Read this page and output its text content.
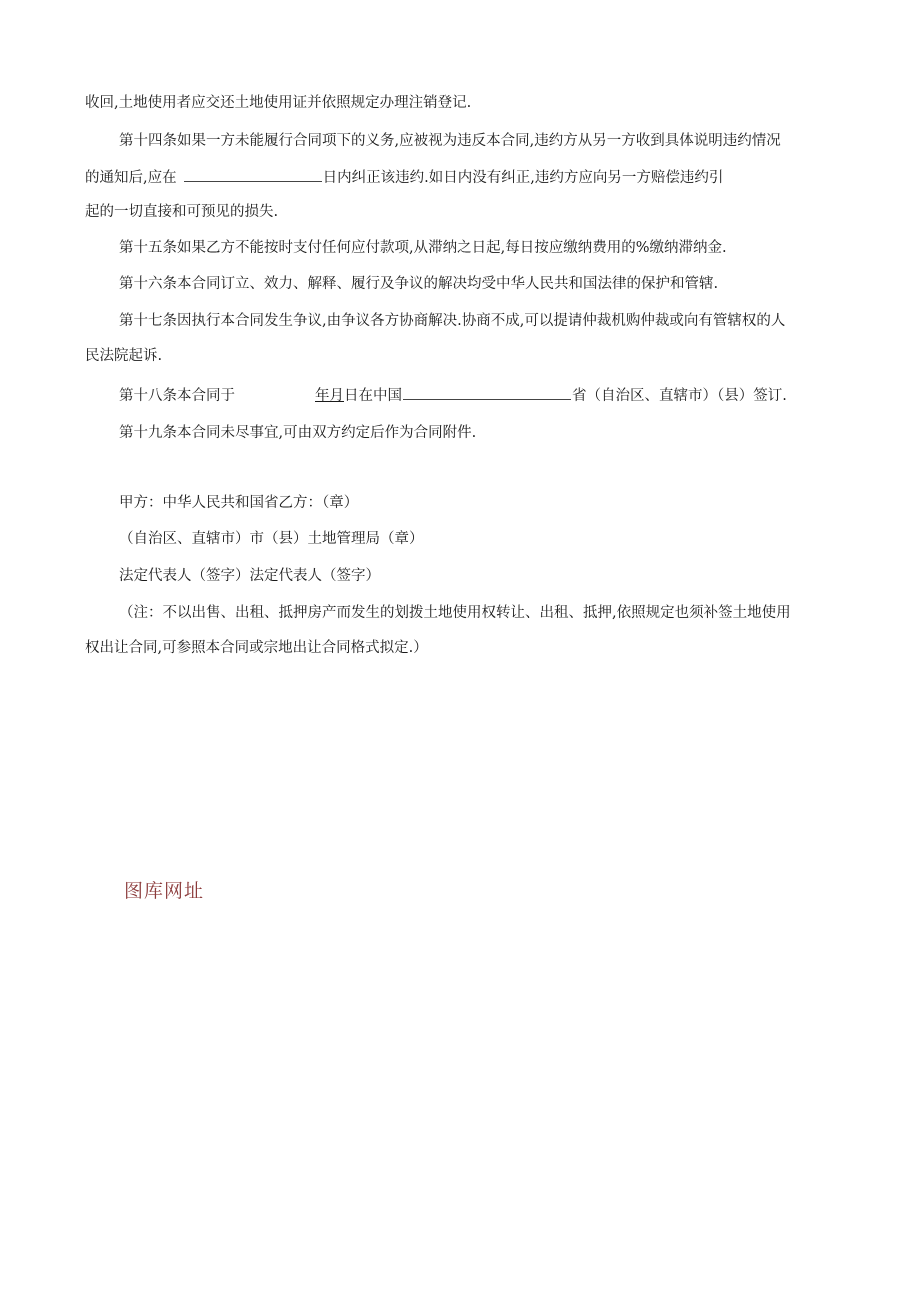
收回,土地使用者应交还土地使用证并依照规定办理注销登记.
第十四条如果一方未能履行合同项下的义务,应被视为违反本合同,违约方从另一方收到具体说明违约情况
的通知后,应在	日内纠正该违约.如日内没有纠正,违约方应向另一方赔偿违约引
起的一切直接和可预见的损失.
第十五条如果乙方不能按时支付任何应付款项,从滞纳之日起,每日按应缴纳费用的%缴纳滞纳金.
第十六条本合同订立、效力、解释、履行及争议的解决均受中华人民共和国法律的保护和管辖.
第十七条因执行本合同发生争议,由争议各方协商解决.协商不成,可以提请仲裁机购仲裁或向有管辖权的人
民法院起诉.
第十八条本合同于	年月日在中国	省（自治区、直辖市）（县）签订.
第十九条本合同未尽事宜,可由双方约定后作为合同附件.
甲方：中华人民共和国省乙方：（章）
（自治区、直辖市）市（县）土地管理局（章）
法定代表人（签字）法定代表人（签字）
（注：不以出售、出租、抵押房产而发生的划拨土地使用权转让、出租、抵押,依照规定也须补签土地使用
权出让合同,可参照本合同或宗地出让合同格式拟定.）
图库网址
